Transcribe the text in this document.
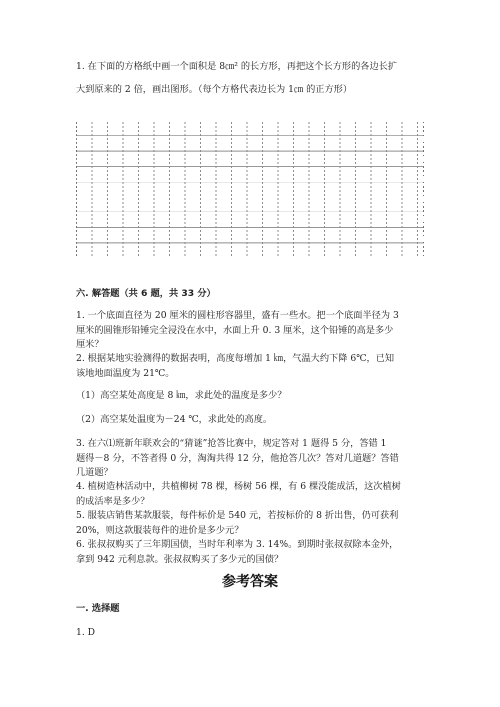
1. 在下面的方格纸中画一个面积是 8㎝² 的长方形，再把这个长方形的各边长扩
大到原来的 2 倍，画出图形。（每个方格代表边长为 1㎝ 的正方形）
六. 解答题（共 6 题，共 33 分）
1. 一个底面直径为 20 厘米的圆柱形容器里，盛有一些水。把一个底面半径为 3
厘米的圆锥形铅锤完全浸没在水中，水面上升 0. 3 厘米，这个铅锤的高是多少
厘米？
2. 根据某地实验测得的数据表明，高度每增加 1 ㎞，气温大约下降 6℃，已知
该地地面温度为 21℃。
（1）高空某处高度是 8 ㎞，求此处的温度是多少？
（2）高空某处温度为－24 ℃，求此处的高度。
3. 在六⑴班新年联欢会的“猜谜”抢答比赛中，规定答对 1 题得 5 分，答错 1
题得－8 分，不答者得 0 分，淘淘共得 12 分，他抢答几次？答对几道题？答错
几道题？
4. 植树造林活动中，共植柳树 78 棵，杨树 56 棵，有 6 棵没能成活，这次植树
的成活率是多少？
5. 服装店销售某款服装，每件标价是 540 元，若按标价的 8 折出售，仍可获利
20%，则这款服装每件的进价是多少元？
6. 张叔叔购买了三年期国债，当时年利率为 3. 14%。到期时张叔叔除本金外，
拿到 942 元利息款。张叔叔购买了多少元的国债？
参考答案
一. 选择题
1. D
